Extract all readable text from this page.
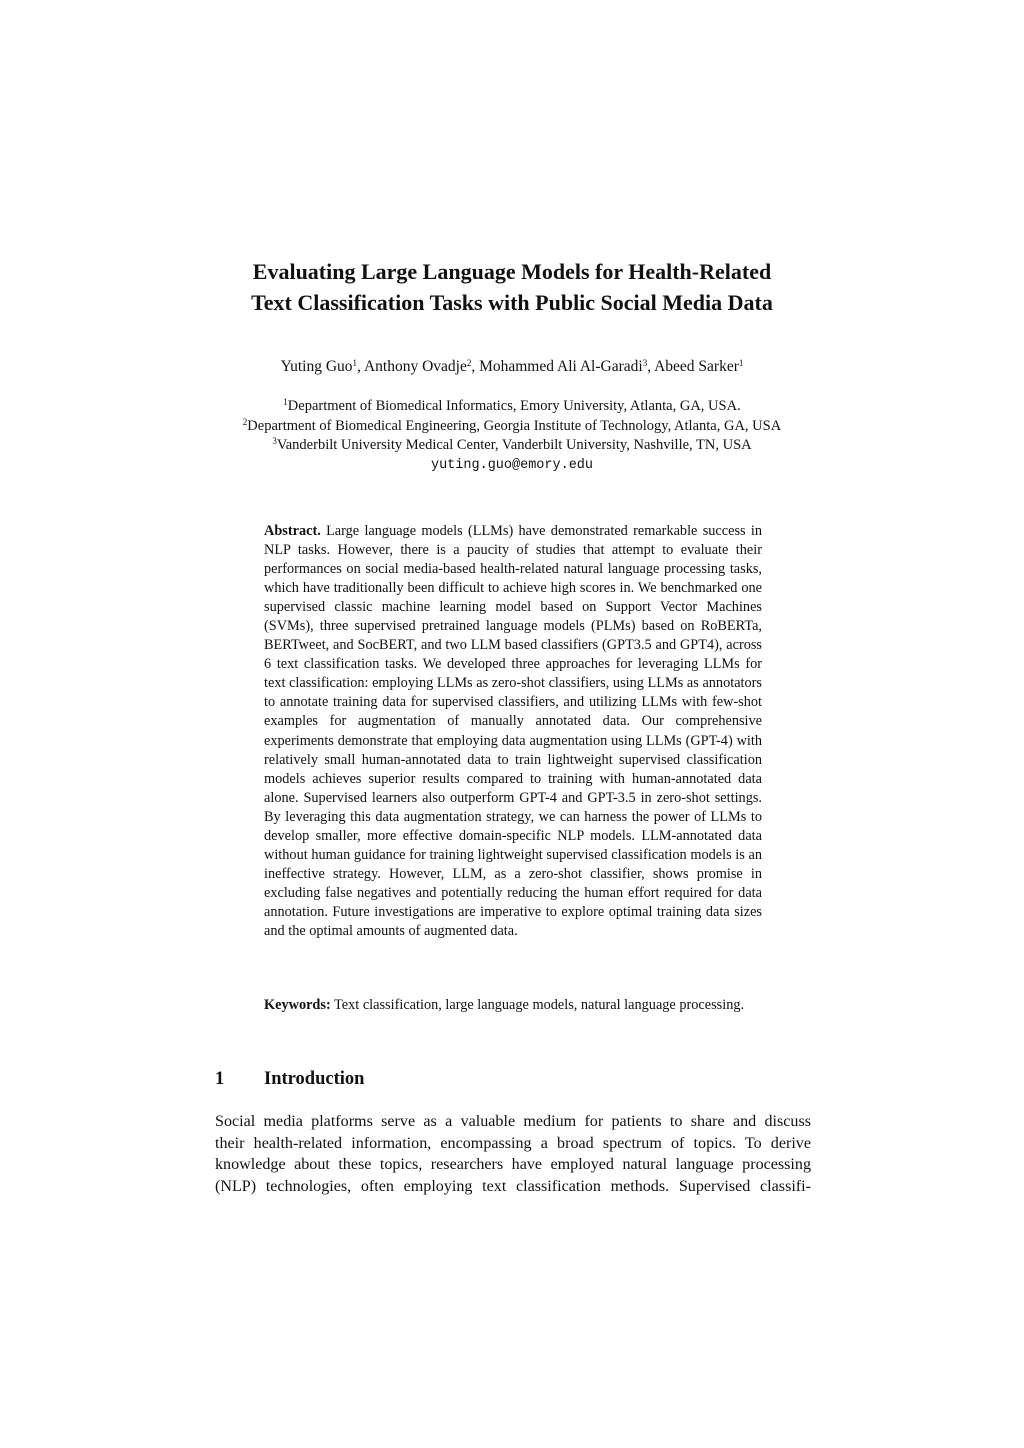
Evaluating Large Language Models for Health-Related
Text Classification Tasks with Public Social Media Data
Yuting Guo$^1$, Anthony Ovadje$^2$, Mohammed Ali Al-Garadi$^3$, Abeed Sarker$^1$
$^1$Department of Biomedical Informatics, Emory University, Atlanta, GA, USA.
$^2$Department of Biomedical Engineering, Georgia Institute of Technology, Atlanta, GA, USA
$^3$Vanderbilt University Medical Center, Vanderbilt University, Nashville, TN, USA
yuting.guo@emory.edu

Abstract. Large language models (LLMs) have demonstrated remarkable success in NLP tasks. However, there is a paucity of studies that attempt to evaluate their performances on social media-based health-related natural language processing tasks, which have traditionally been difficult to achieve high scores in. We benchmarked one supervised classic machine learning model based on Support Vector Machines (SVMs), three supervised pretrained language models (PLMs) based on RoBERTa, BERTweet, and SocBERT, and two LLM based classifiers (GPT3.5 and GPT4), across 6 text classification tasks. We developed three approaches for leveraging LLMs for text classification: employing LLMs as zero-shot classifiers, using LLMs as annotators to annotate training data for supervised classifiers, and utilizing LLMs with few-shot examples for augmentation of manually annotated data. Our comprehensive experiments demonstrate that employing data augmentation using LLMs (GPT-4) with relatively small human-annotated data to train lightweight supervised classification models achieves superior results compared to training with human-annotated data alone. Supervised learners also outperform GPT-4 and GPT-3.5 in zero-shot settings. By leveraging this data augmentation strategy, we can harness the power of LLMs to develop smaller, more effective domain-specific NLP models. LLM-annotated data without human guidance for training lightweight supervised classification models is an ineffective strategy. However, LLM, as a zero-shot classifier, shows promise in excluding false negatives and potentially reducing the human effort required for data annotation. Future investigations are imperative to explore optimal training data sizes and the optimal amounts of augmented data.

Keywords: Text classification, large language models, natural language processing.

1 Introduction
Social media platforms serve as a valuable medium for patients to share and discuss
their health-related information, encompassing a broad spectrum of topics. To derive
knowledge about these topics, researchers have employed natural language processing
(NLP) technologies, often employing text classification methods. Supervised classifi-
